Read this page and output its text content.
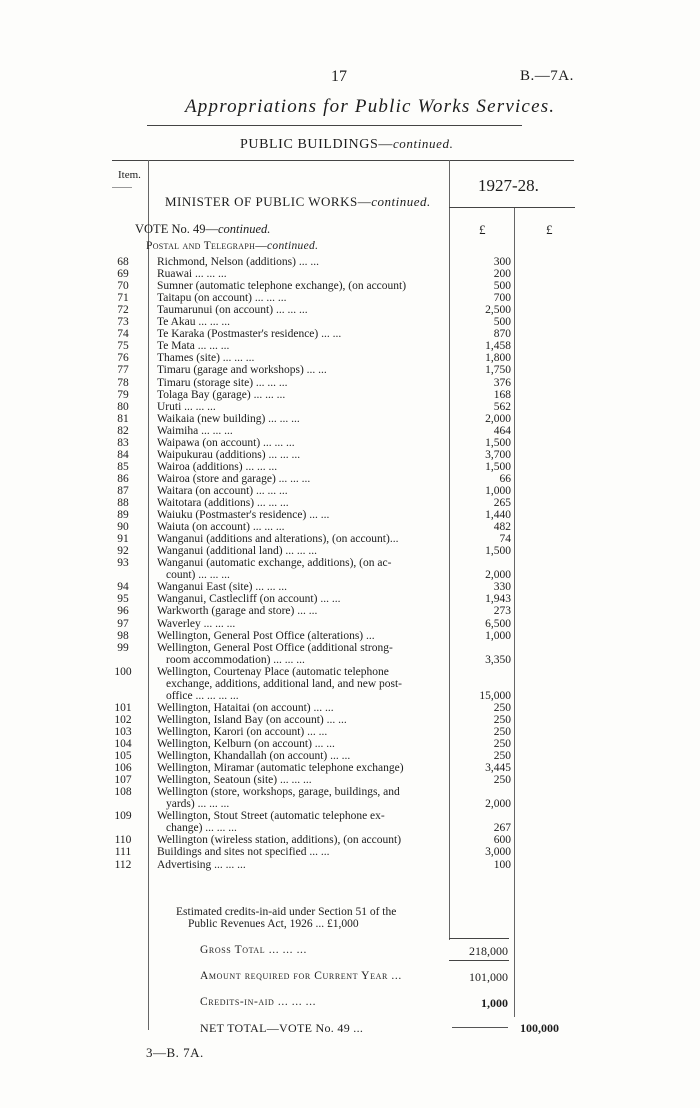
17	B.—7A.
Appropriations for Public Works Services.
PUBLIC BUILDINGS—continued.
Item.
1927-28.
MINISTER OF PUBLIC WORKS—continued.
VOTE No. 49—continued.	£	£
Postal and Telegraph—continued.
68	Richmond, Nelson (additions) ... ...	300
69	Ruawai ... ... ...	200
70	Sumner (automatic telephone exchange), (on account)	500
71	Taitapu (on account) ... ... ...	700
72	Taumarunui (on account) ... ... ...	2,500
73	Te Akau ... ... ...	500
74	Te Karaka (Postmaster's residence) ... ...	870
75	Te Mata ... ... ...	1,458
76	Thames (site) ... ... ...	1,800
77	Timaru (garage and workshops) ... ...	1,750
78	Timaru (storage site) ... ... ...	376
79	Tolaga Bay (garage) ... ... ...	168
80	Uruti ... ... ...	562
81	Waikaia (new building) ... ... ...	2,000
82	Waimiha ... ... ...	464
83	Waipawa (on account) ... ... ...	1,500
84	Waipukurau (additions) ... ... ...	3,700
85	Wairoa (additions) ... ... ...	1,500
86	Wairoa (store and garage) ... ... ...	66
87	Waitara (on account) ... ... ...	1,000
88	Waitotara (additions) ... ... ...	265
89	Waiuku (Postmaster's residence) ... ...	1,440
90	Waiuta (on account) ... ... ...	482
91	Wanganui (additions and alterations), (on account)...	74
92	Wanganui (additional land) ... ... ...	1,500
93	Wanganui (automatic exchange, additions), (on ac-
count) ... ... ...	2,000
94	Wanganui East (site) ... ... ...	330
95	Wanganui, Castlecliff (on account) ... ...	1,943
96	Warkworth (garage and store) ... ...	273
97	Waverley ... ... ...	6,500
98	Wellington, General Post Office (alterations) ...	1,000
99	Wellington, General Post Office (additional strong-
room accommodation) ... ... ...	3,350
100	Wellington, Courtenay Place (automatic telephone
exchange, additions, additional land, and new post-
office ... ... ... ...	15,000
101	Wellington, Hataitai (on account) ... ...	250
102	Wellington, Island Bay (on account) ... ...	250
103	Wellington, Karori (on account) ... ...	250
104	Wellington, Kelburn (on account) ... ...	250
105	Wellington, Khandallah (on account) ... ...	250
106	Wellington, Miramar (automatic telephone exchange)	3,445
107	Wellington, Seatoun (site) ... ... ...	250
108	Wellington (store, workshops, garage, buildings, and
yards) ... ... ...	2,000
109	Wellington, Stout Street (automatic telephone ex-
change) ... ... ...	267
110	Wellington (wireless station, additions), (on account)	600
111	Buildings and sites not specified ... ...	3,000
112	Advertising ... ... ...	100
Estimated credits-in-aid under Section 51 of the
Public Revenues Act, 1926 ... £1,000
Gross Total ... ... ...	218,000
Amount required for Current Year ...	101,000
Credits-in-aid ... ... ...	1,000
NET TOTAL—VOTE No. 49 ...	100,000
3—B. 7A.
